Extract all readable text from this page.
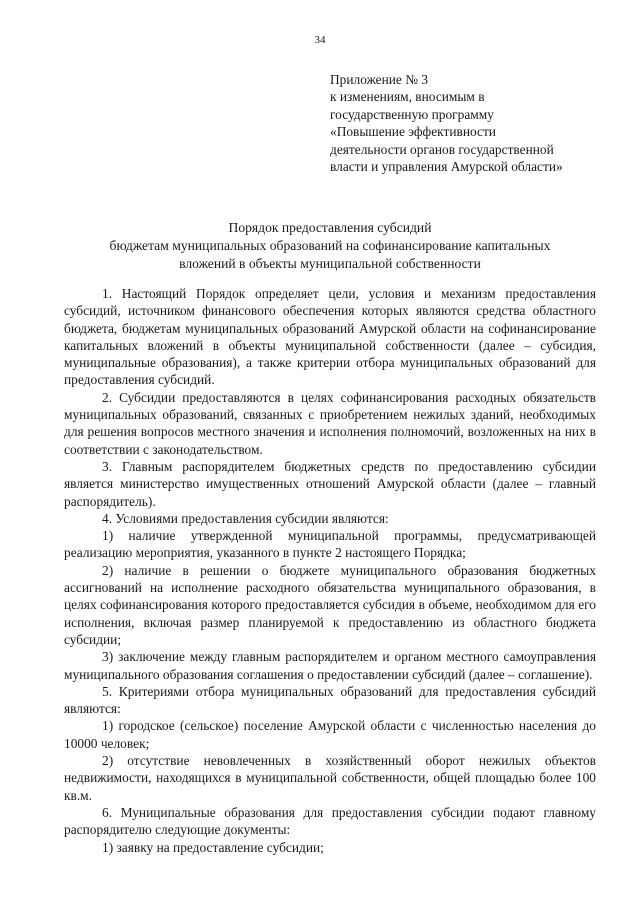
34
Приложение № 3
к изменениям, вносимым в
государственную программу
«Повышение эффективности
деятельности органов государственной
власти и управления Амурской области»
Порядок предоставления субсидий
бюджетам муниципальных образований на софинансирование капитальных
вложений в объекты муниципальной собственности

1. Настоящий Порядок определяет цели, условия и механизм предоставления субсидий, источником финансового обеспечения которых являются средства областного бюджета, бюджетам муниципальных образований Амурской области на софинансирование капитальных вложений в объекты муниципальной собственности (далее – субсидия, муниципальные образования), а также критерии отбора муниципальных образований для предоставления субсидий.

2. Субсидии предоставляются в целях софинансирования расходных обязательств муниципальных образований, связанных с приобретением нежилых зданий, необходимых для решения вопросов местного значения и исполнения полномочий, возложенных на них в соответствии с законодательством.

3. Главным распорядителем бюджетных средств по предоставлению субсидии является министерство имущественных отношений Амурской области (далее – главный распорядитель).

4. Условиями предоставления субсидии являются:

1) наличие утвержденной муниципальной программы, предусматривающей реализацию мероприятия, указанного в пункте 2 настоящего Порядка;

2) наличие в решении о бюджете муниципального образования бюджетных ассигнований на исполнение расходного обязательства муниципального образования, в целях софинансирования которого предоставляется субсидия в объеме, необходимом для его исполнения, включая размер планируемой к предоставлению из областного бюджета субсидии;

3) заключение между главным распорядителем и органом местного самоуправления муниципального образования соглашения о предоставлении субсидий (далее – соглашение).

5. Критериями отбора муниципальных образований для предоставления субсидий являются:

1) городское (сельское) поселение Амурской области с численностью населения до 10000 человек;

2) отсутствие невовлеченных в хозяйственный оборот нежилых объектов недвижимости, находящихся в муниципальной собственности, общей площадью более 100 кв.м.

6. Муниципальные образования для предоставления субсидии подают главному распорядителю следующие документы:

1) заявку на предоставление субсидии;
